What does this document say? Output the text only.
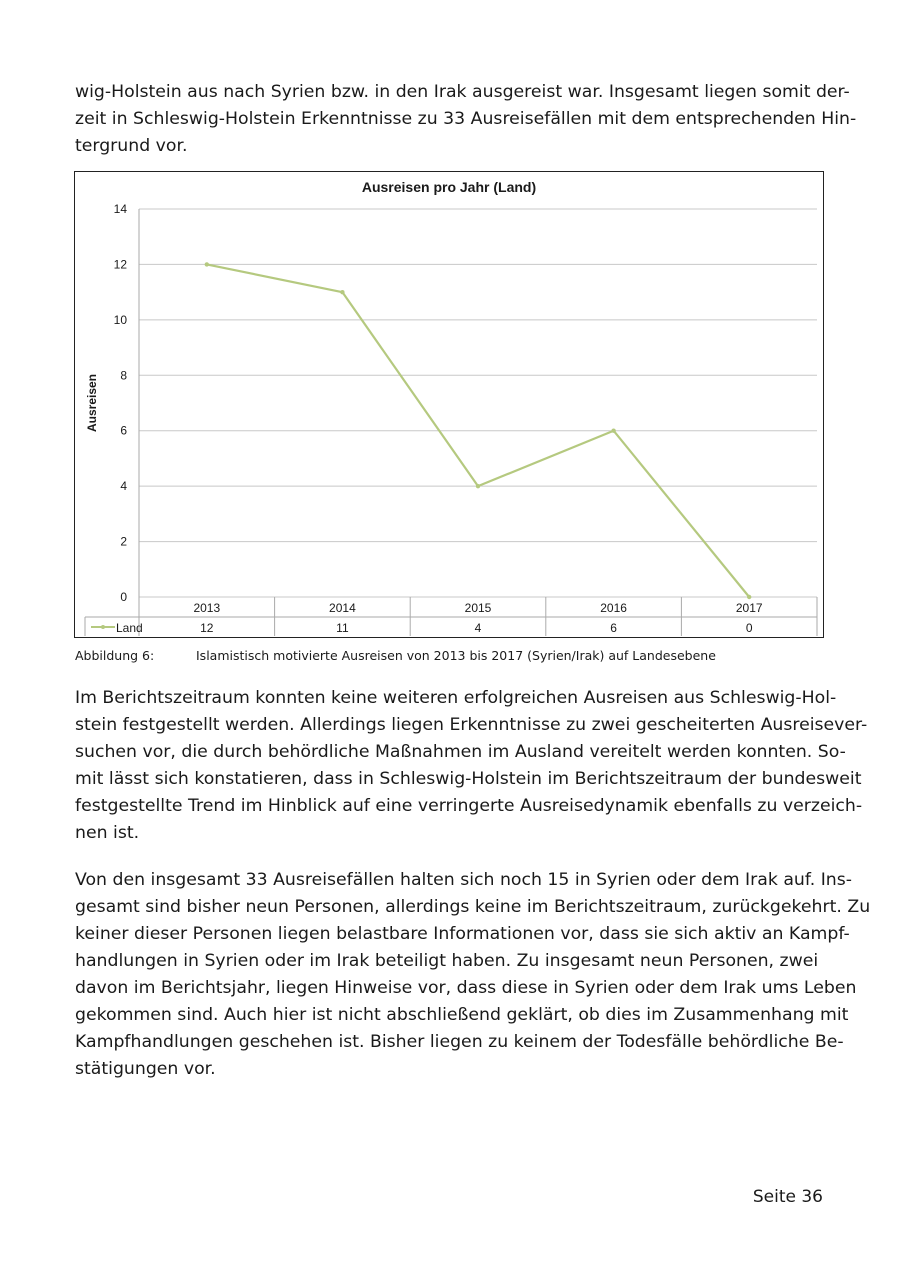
wig-Holstein aus nach Syrien bzw. in den Irak ausgereist war. Insgesamt liegen somit der-
zeit in Schleswig-Holstein Erkenntnisse zu 33 Ausreisefällen mit dem entsprechenden Hin-
tergrund vor.
Ausreisen pro Jahr (Land)
Ausreisen
0
2
4
6
8
10
12
14
2013
12
2014
11
2015
4
2016
6
2017
0
Land
Abbildung 6:	Islamistisch motivierte Ausreisen von 2013 bis 2017 (Syrien/Irak) auf Landesebene
Im Berichtszeitraum konnten keine weiteren erfolgreichen Ausreisen aus Schleswig-Hol-
stein festgestellt werden. Allerdings liegen Erkenntnisse zu zwei gescheiterten Ausreisever-
suchen vor, die durch behördliche Maßnahmen im Ausland vereitelt werden konnten. So-
mit lässt sich konstatieren, dass in Schleswig-Holstein im Berichtszeitraum der bundesweit
festgestellte Trend im Hinblick auf eine verringerte Ausreisedynamik ebenfalls zu verzeich-
nen ist.
Von den insgesamt 33 Ausreisefällen halten sich noch 15 in Syrien oder dem Irak auf. Ins-
gesamt sind bisher neun Personen, allerdings keine im Berichtszeitraum, zurückgekehrt. Zu
keiner dieser Personen liegen belastbare Informationen vor, dass sie sich aktiv an Kampf-
handlungen in Syrien oder im Irak beteiligt haben. Zu insgesamt neun Personen, zwei
davon im Berichtsjahr, liegen Hinweise vor, dass diese in Syrien oder dem Irak ums Leben
gekommen sind. Auch hier ist nicht abschließend geklärt, ob dies im Zusammenhang mit
Kampfhandlungen geschehen ist. Bisher liegen zu keinem der Todesfälle behördliche Be-
stätigungen vor.
Seite 36
